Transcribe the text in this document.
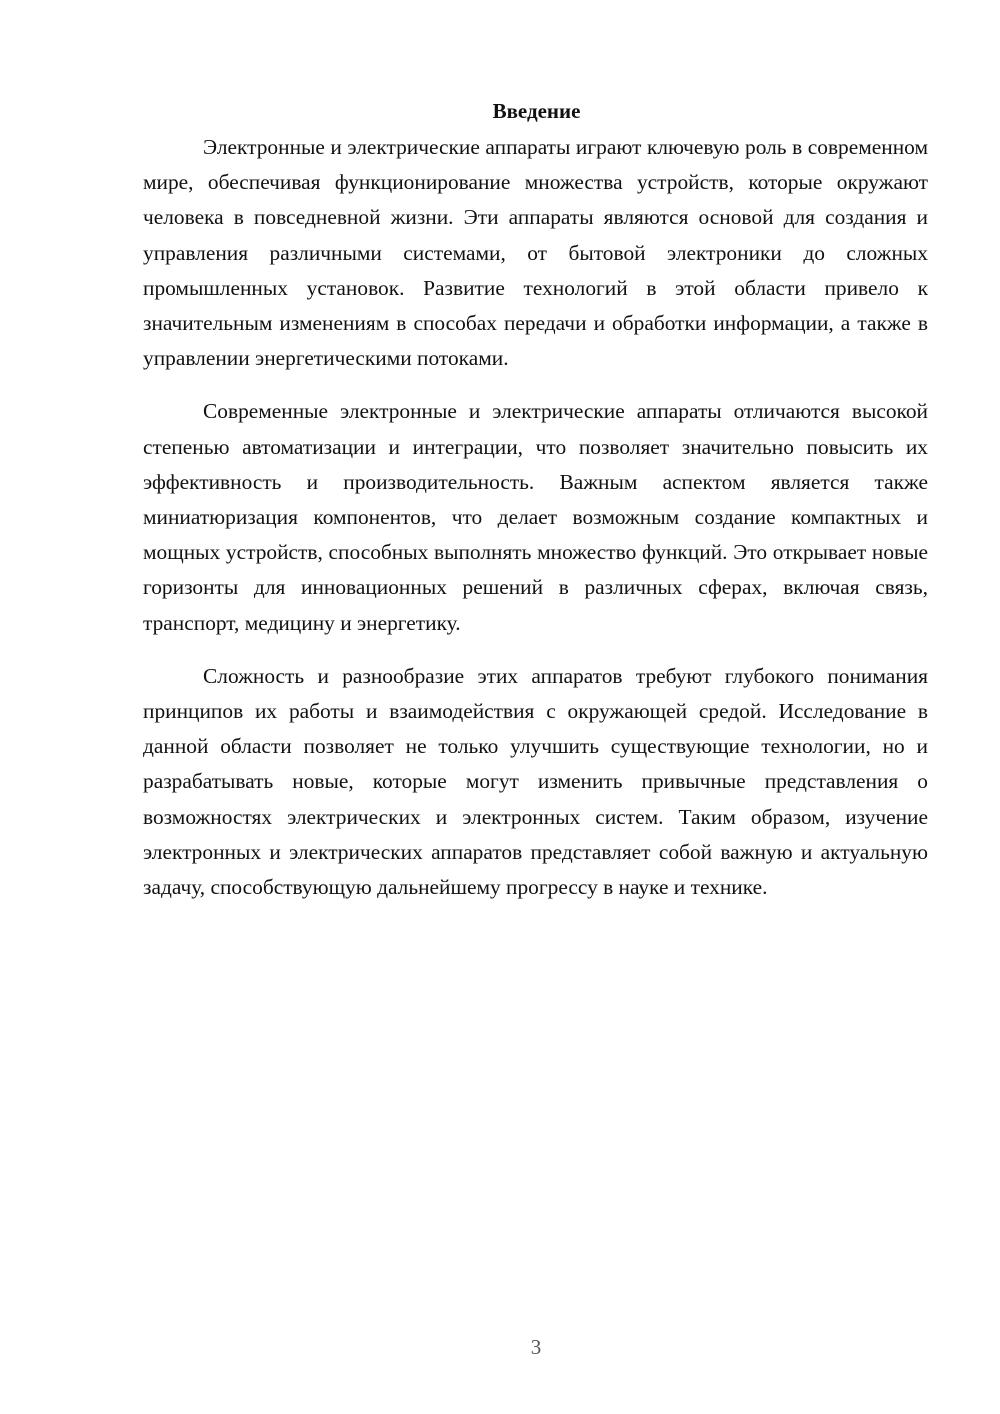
Введение

Электронные и электрические аппараты играют ключевую роль в современном мире, обеспечивая функционирование множества устройств, которые окружают человека в повседневной жизни. Эти аппараты являются основой для создания и управления различными системами, от бытовой электроники до сложных промышленных установок. Развитие технологий в этой области привело к значительным изменениям в способах передачи и обработки информации, а также в управлении энергетическими потоками.

Современные электронные и электрические аппараты отличаются высокой степенью автоматизации и интеграции, что позволяет значительно повысить их эффективность и производительность. Важным аспектом является также миниатюризация компонентов, что делает возможным создание компактных и мощных устройств, способных выполнять множество функций. Это открывает новые горизонты для инновационных решений в различных сферах, включая связь, транспорт, медицину и энергетику.

Сложность и разнообразие этих аппаратов требуют глубокого понимания принципов их работы и взаимодействия с окружающей средой. Исследование в данной области позволяет не только улучшить существующие технологии, но и разрабатывать новые, которые могут изменить привычные представления о возможностях электрических и электронных систем. Таким образом, изучение электронных и электрических аппаратов представляет собой важную и актуальную задачу, способствующую дальнейшему прогрессу в науке и технике.

3
